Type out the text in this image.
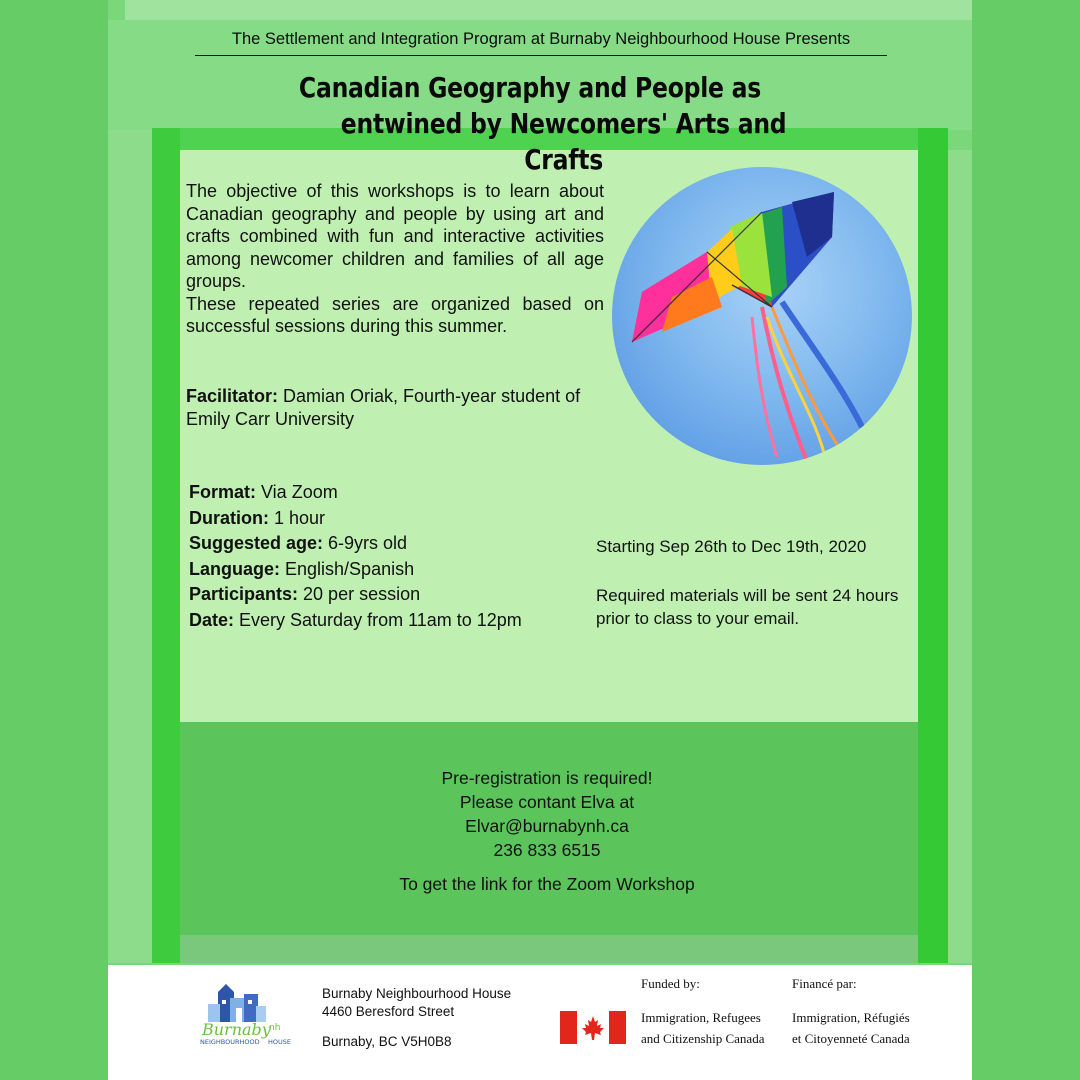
The Settlement and Integration Program at Burnaby Neighbourhood House Presents
Canadian Geography and People as
entwined by Newcomers' Arts and Crafts
The objective of this workshops is to learn about Canadian geography and people by using art and crafts combined with fun and interactive activities among newcomer children and families of all age groups.
These repeated series are organized based on successful sessions during this summer.
Facilitator: Damian Oriak, Fourth-year student of Emily Carr University
Format: Via Zoom
Duration: 1 hour
Suggested age: 6-9yrs old
Language: English/Spanish
Participants: 20 per session
Date: Every Saturday from 11am to 12pm
Starting Sep 26th to Dec 19th, 2020
Required materials will be sent 24 hours prior to class to your email.
Pre-registration is required!
Please contant Elva at
Elvar@burnabynh.ca
236 833 6515
To get the link for the Zoom Workshop
Burnaby
nh
NEIGHBOURHOOD HOUSE
Burnaby Neighbourhood House
4460 Beresford Street
Burnaby, BC V5H0B8
Funded by:	Financé par:
Immigration, Refugees
and Citizenship Canada
Immigration, Réfugiés
et Citoyenneté Canada
